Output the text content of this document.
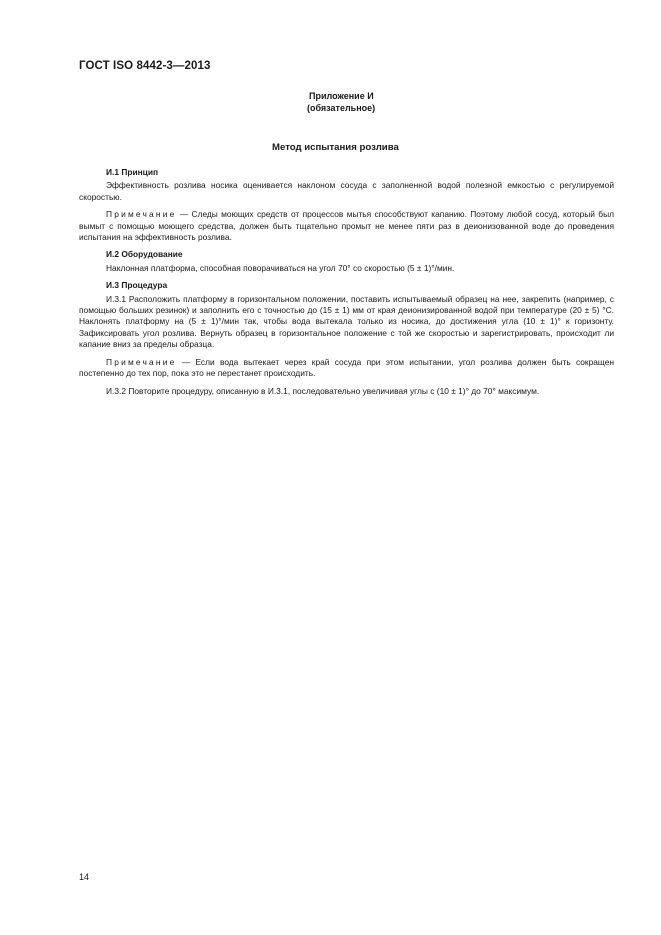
ГОСТ ISO 8442-3—2013
Приложение И
(обязательное)
Метод испытания розлива

И.1 Принцип

Эффективность розлива носика оценивается наклоном сосуда с заполненной водой полезной емкостью с регулируемой скоростью.

Примечание — Следы моющих средств от процессов мытья способствуют капанию. Поэтому любой сосуд, который был вымыт с помощью моющего средства, должен быть тщательно промыт не менее пяти раз в деионизованной воде до проведения испытания на эффективность розлива.

И.2 Оборудование

Наклонная платформа, способная поворачиваться на угол 70° со скоростью (5 ± 1)°/мин.

И.3 Процедура

И.3.1 Расположить платформу в горизонтальном положении, поставить испытываемый образец на нее, закрепить (например, с помощью больших резинок) и заполнить его с точностью до (15 ± 1) мм от края деионизированной водой при температуре (20 ± 5) °С. Наклонять платформу на (5 ± 1)°/мин так, чтобы вода вытекала только из носика, до достижения угла (10 ± 1)° к горизонту. Зафиксировать угол розлива. Вернуть образец в горизонтальное положение с той же скоростью и зарегистрировать, происходит ли капание вниз за пределы образца.

Примечание — Если вода вытекает через край сосуда при этом испытании, угол розлива должен быть сокращен постепенно до тех пор, пока это не перестанет происходить.

И.3.2 Повторите процедуру, описанную в И.3.1, последовательно увеличивая углы с (10 ± 1)° до 70° максимум.

14
